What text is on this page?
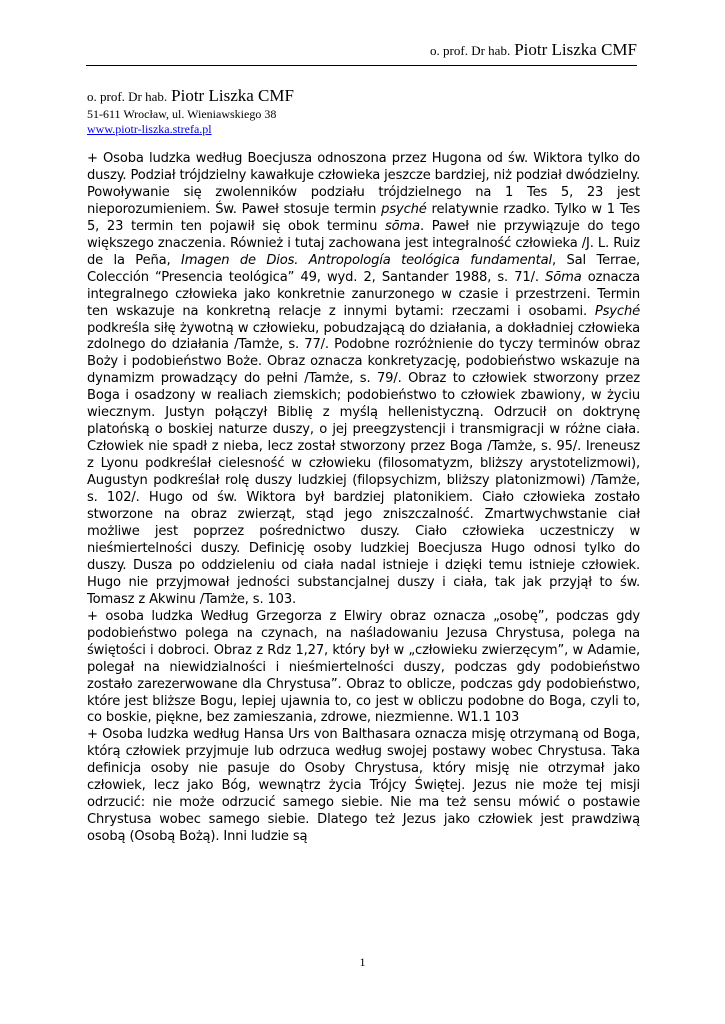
o. prof. Dr hab. Piotr Liszka CMF
o. prof. Dr hab. Piotr Liszka CMF
51-611 Wrocław, ul. Wieniawskiego 38
www.piotr-liszka.strefa.pl

+ Osoba ludzka według Boecjusza odnoszona przez Hugona od św. Wiktora tylko do duszy. Podział trójdzielny kawałkuje człowieka jeszcze bardziej, niż podział dwódzielny. Powoływanie się zwolenników podziału trójdzielnego na 1 Tes 5, 23 jest nieporozumieniem. Św. Paweł stosuje termin psyché relatywnie rzadko. Tylko w 1 Tes 5, 23 termin ten pojawił się obok terminu sōma. Paweł nie przywiązuje do tego większego znaczenia. Również i tutaj zachowana jest integralność człowieka /J. L. Ruiz de la Peña, Imagen de Dios. Antropología teológica fundamental, Sal Terrae, Colección “Presencia teológica” 49, wyd. 2, Santander 1988, s. 71/. Sōma oznacza integralnego człowieka jako konkretnie zanurzonego w czasie i przestrzeni. Termin ten wskazuje na konkretną relacje z innymi bytami: rzeczami i osobami. Psyché podkreśla siłę żywotną w człowieku, pobudzającą do działania, a dokładniej człowieka zdolnego do działania /Tamże, s. 77/. Podobne rozróżnienie do tyczy terminów obraz Boży i podobieństwo Boże. Obraz oznacza konkretyzację, podobieństwo wskazuje na dynamizm prowadzący do pełni /Tamże, s. 79/. Obraz to człowiek stworzony przez Boga i osadzony w realiach ziemskich; podobieństwo to człowiek zbawiony, w życiu wiecznym. Justyn połączył Biblię z myślą hellenistyczną. Odrzucił on doktrynę platońską o boskiej naturze duszy, o jej preegzystencji i transmigracji w różne ciała. Człowiek nie spadł z nieba, lecz został stworzony przez Boga /Tamże, s. 95/. Ireneusz z Lyonu podkreślał cielesność w człowieku (filosomatyzm, bliższy arystotelizmowi), Augustyn podkreślał rolę duszy ludzkiej (filopsychizm, bliższy platonizmowi) /Tamże, s. 102/. Hugo od św. Wiktora był bardziej platonikiem. Ciało człowieka zostało stworzone na obraz zwierząt, stąd jego zniszczalność. Zmartwychwstanie ciał możliwe jest poprzez pośrednictwo duszy. Ciało człowieka uczestniczy w nieśmiertelności duszy. Definicję osoby ludzkiej Boecjusza Hugo odnosi tylko do duszy. Dusza po oddzieleniu od ciała nadal istnieje i dzięki temu istnieje człowiek. Hugo nie przyjmował jedności substancjalnej duszy i ciała, tak jak przyjął to św. Tomasz z Akwinu /Tamże, s. 103.

+ osoba ludzka Według Grzegorza z Elwiry obraz oznacza „osobę”, podczas gdy podobieństwo polega na czynach, na naśladowaniu Jezusa Chrystusa, polega na świętości i dobroci. Obraz z Rdz 1,27, który był w „człowieku zwierzęcym”, w Adamie, polegał na niewidzialności i nieśmiertelności duszy, podczas gdy podobieństwo zostało zarezerwowane dla Chrystusa”. Obraz to oblicze, podczas gdy podobieństwo, które jest bliższe Bogu, lepiej ujawnia to, co jest w obliczu podobne do Boga, czyli to, co boskie, piękne, bez zamieszania, zdrowe, niezmienne. W1.1 103

+ Osoba ludzka według Hansa Urs von Balthasara oznacza misję otrzymaną od Boga, którą człowiek przyjmuje lub odrzuca według swojej postawy wobec Chrystusa. Taka definicja osoby nie pasuje do Osoby Chrystusa, który misję nie otrzymał jako człowiek, lecz jako Bóg, wewnątrz życia Trójcy Świętej. Jezus nie może tej misji odrzucić: nie może odrzucić samego siebie. Nie ma też sensu mówić o postawie Chrystusa wobec samego siebie. Dlatego też Jezus jako człowiek jest prawdziwą osobą (Osobą Bożą). Inni ludzie są

1
